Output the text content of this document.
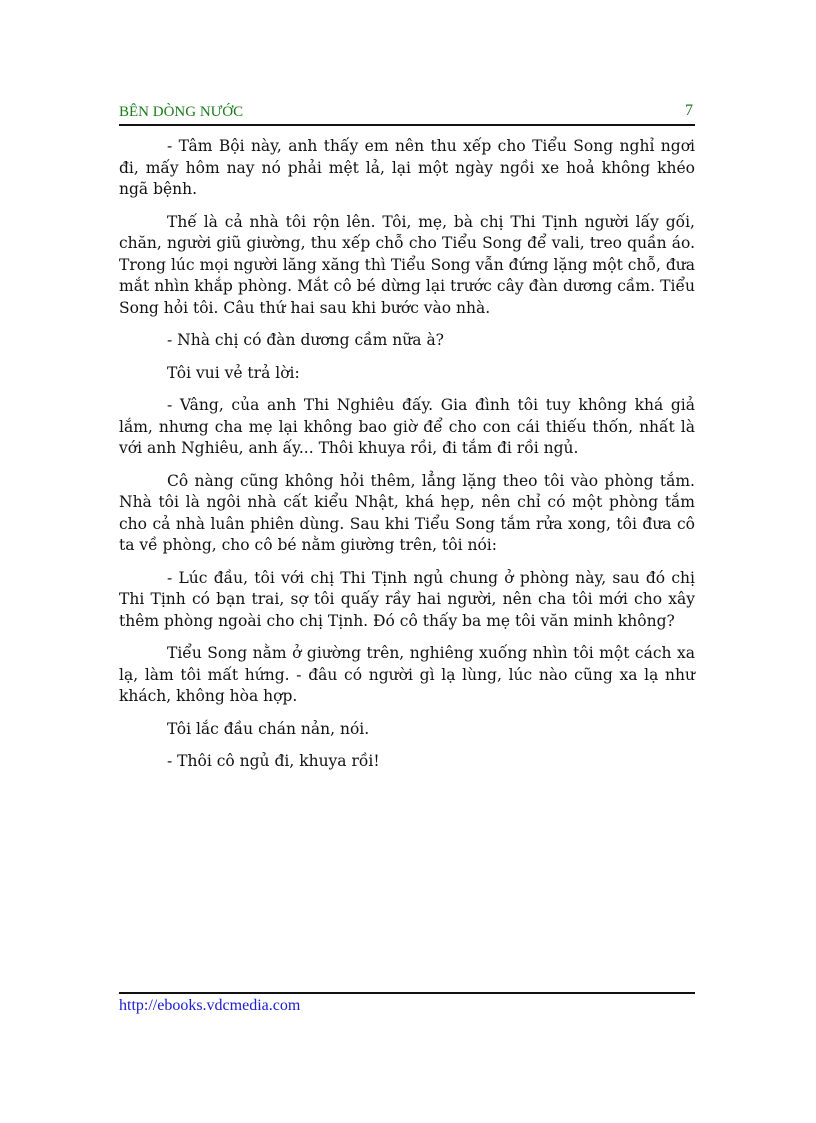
BÊN DÒNG NƯỚC	7

- Tâm Bội này, anh thấy em nên thu xếp cho Tiểu Song nghỉ ngơi đi, mấy hôm nay nó phải mệt lả, lại một ngày ngồi xe hoả không khéo ngã bệnh.

Thế là cả nhà tôi rộn lên. Tôi, mẹ, bà chị Thi Tịnh người lấy gối, chăn, người giũ giường, thu xếp chỗ cho Tiểu Song để vali, treo quần áo. Trong lúc mọi người lăng xăng thì Tiểu Song vẫn đứng lặng một chỗ, đưa mắt nhìn khắp phòng. Mắt cô bé dừng lại trước cây đàn dương cầm. Tiểu Song hỏi tôi. Câu thứ hai sau khi bước vào nhà.

- Nhà chị có đàn dương cầm nữa à?

Tôi vui vẻ trả lời:

- Vâng, của anh Thi Nghiêu đấy. Gia đình tôi tuy không khá giả lắm, nhưng cha mẹ lại không bao giờ để cho con cái thiếu thốn, nhất là với anh Nghiêu, anh ấy... Thôi khuya rồi, đi tắm đi rồi ngủ.

Cô nàng cũng không hỏi thêm, lẳng lặng theo tôi vào phòng tắm. Nhà tôi là ngôi nhà cất kiểu Nhật, khá hẹp, nên chỉ có một phòng tắm cho cả nhà luân phiên dùng. Sau khi Tiểu Song tắm rửa xong, tôi đưa cô ta về phòng, cho cô bé nằm giường trên, tôi nói:

- Lúc đầu, tôi với chị Thi Tịnh ngủ chung ở phòng này, sau đó chị Thi Tịnh có bạn trai, sợ tôi quấy rầy hai người, nên cha tôi mới cho xây thêm phòng ngoài cho chị Tịnh. Đó cô thấy ba mẹ tôi văn minh không?

Tiểu Song nằm ở giường trên, nghiêng xuống nhìn tôi một cách xa lạ, làm tôi mất hứng. - đâu có người gì lạ lùng, lúc nào cũng xa lạ như khách, không hòa hợp.

Tôi lắc đầu chán nản, nói.

- Thôi cô ngủ đi, khuya rồi!

http://ebooks.vdcmedia.com
